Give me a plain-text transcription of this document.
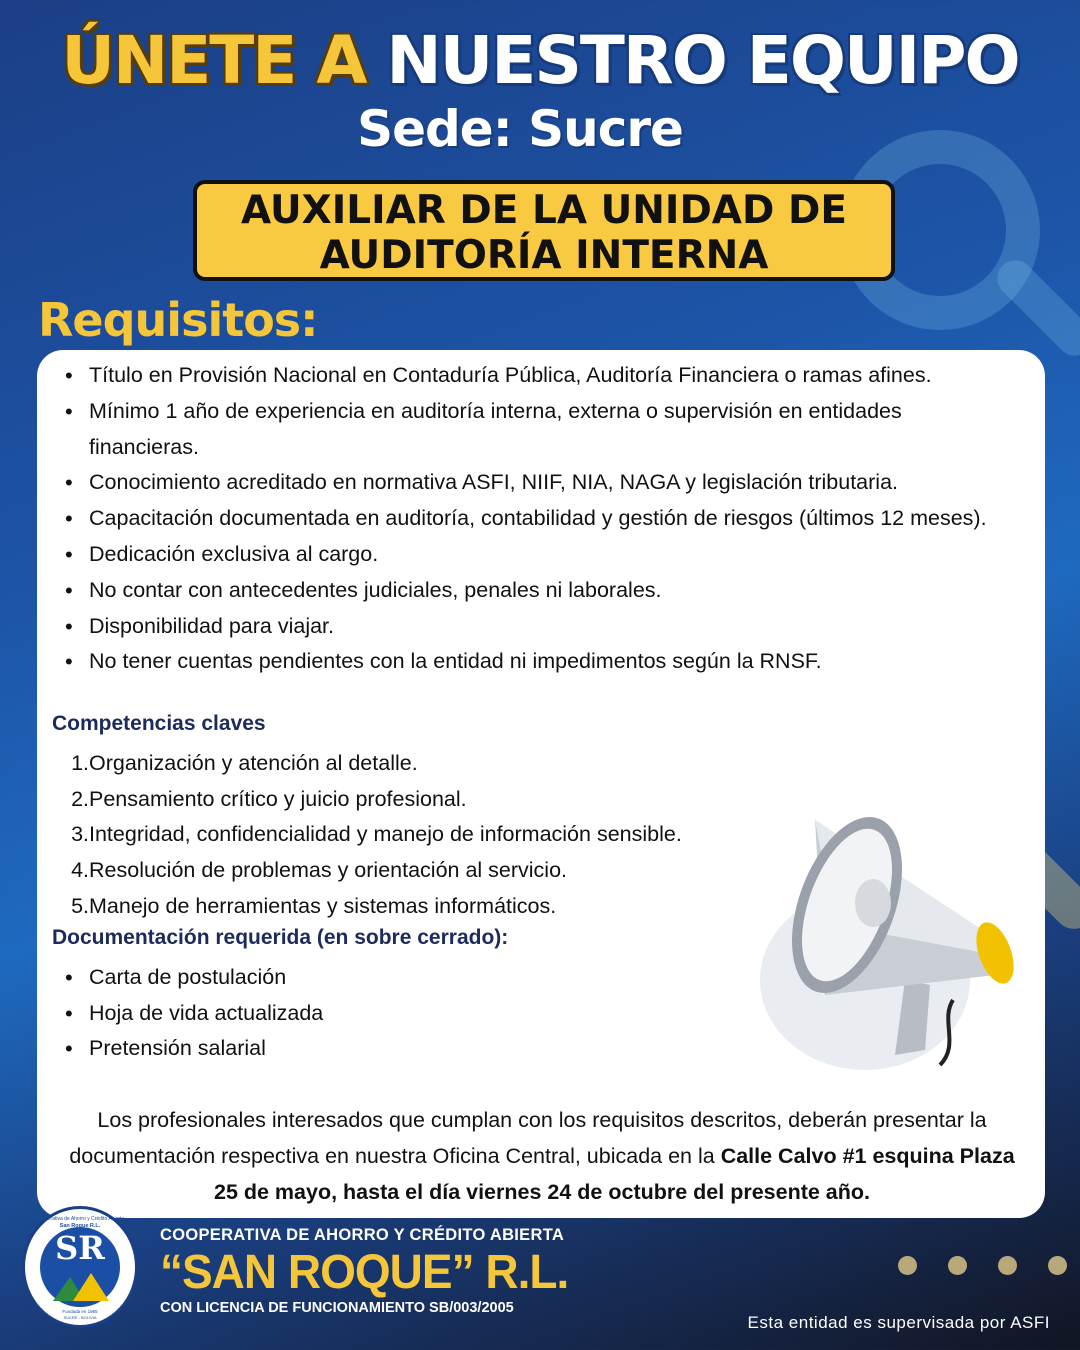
ÚNETE A NUESTRO EQUIPO
Sede: Sucre
AUXILIAR DE LA UNIDAD DE
AUDITORÍA INTERNA
Requisitos:
• Título en Provisión Nacional en Contaduría Pública, Auditoría Financiera o ramas afines.
• Mínimo 1 año de experiencia en auditoría interna, externa o supervisión en entidades financieras.
• Conocimiento acreditado en normativa ASFI, NIIF, NIA, NAGA y legislación tributaria.
• Capacitación documentada en auditoría, contabilidad y gestión de riesgos (últimos 12 meses).
• Dedicación exclusiva al cargo.
• No contar con antecedentes judiciales, penales ni laborales.
• Disponibilidad para viajar.
• No tener cuentas pendientes con la entidad ni impedimentos según la RNSF.
Competencias claves
1. Organización y atención al detalle.
2. Pensamiento crítico y juicio profesional.
3. Integridad, confidencialidad y manejo de información sensible.
4. Resolución de problemas y orientación al servicio.
5. Manejo de herramientas y sistemas informáticos.
Documentación requerida (en sobre cerrado):
• Carta de postulación
• Hoja de vida actualizada
• Pretensión salarial

Los profesionales interesados que cumplan con los requisitos descritos, deberán presentar la documentación respectiva en nuestra Oficina Central, ubicada en la Calle Calvo #1 esquina Plaza 25 de mayo, hasta el día viernes 24 de octubre del presente año.

SR
Cooperativa de Ahorro y Crédito Abierta
San Roque R.L.
Fundada en 1965
SUCRE - BOLIVIA
COOPERATIVA DE AHORRO Y CRÉDITO ABIERTA
“SAN ROQUE” R.L.
CON LICENCIA DE FUNCIONAMIENTO SB/003/2005
Esta entidad es supervisada por ASFI
